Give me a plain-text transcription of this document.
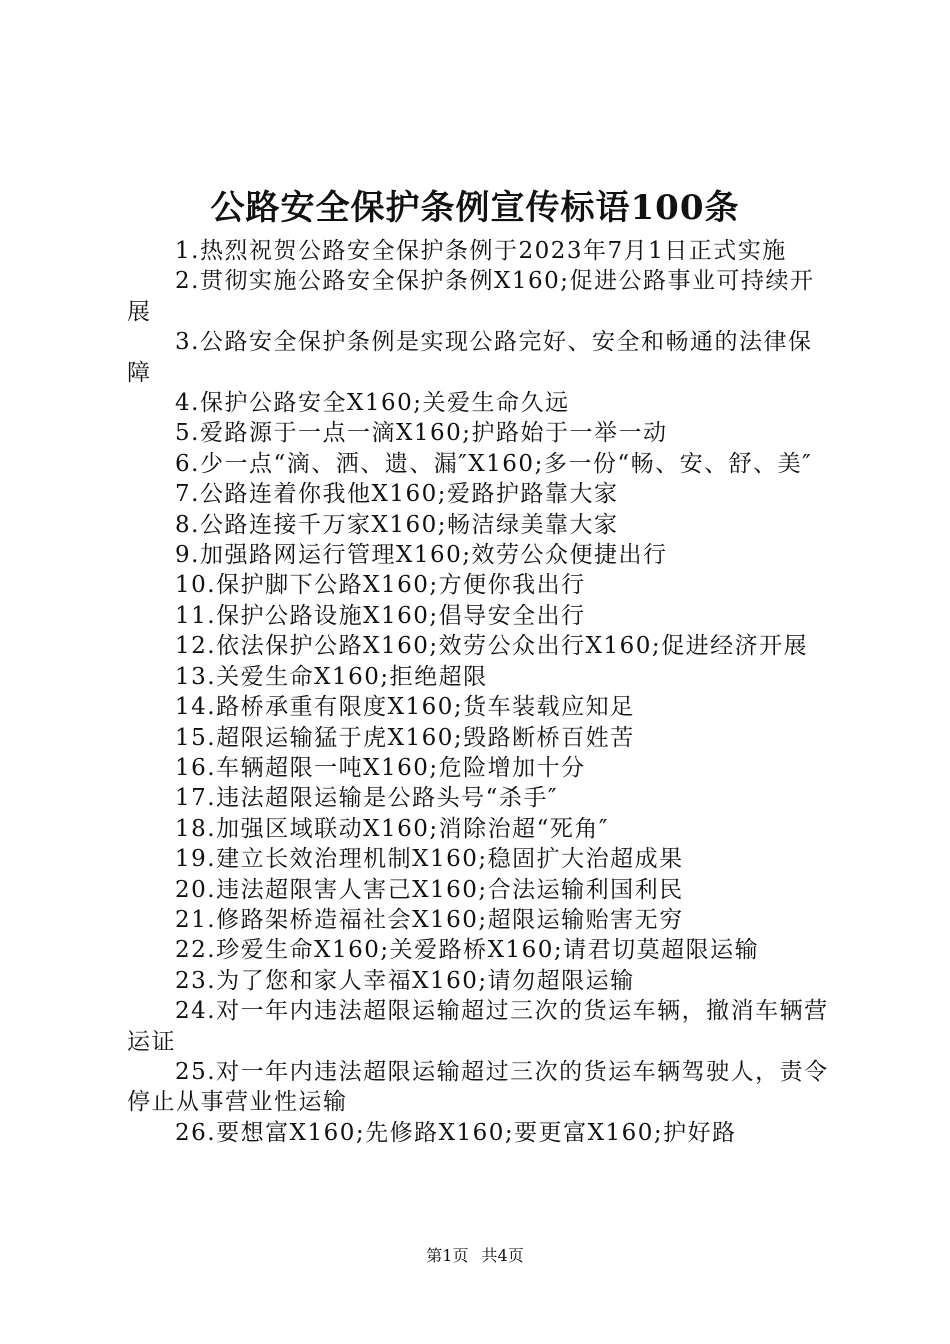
公路安全保护条例宣传标语100条
1.热烈祝贺公路安全保护条例于2023年7月1日正式实施
2.贯彻实施公路安全保护条例X160;促进公路事业可持续开展
3.公路安全保护条例是实现公路完好、安全和畅通的法律保障
4.保护公路安全X160;关爱生命久远
5.爱路源于一点一滴X160;护路始于一举一动
6.少一点“滴、洒、遗、漏″X160;多一份“畅、安、舒、美″
7.公路连着你我他X160;爱路护路靠大家
8.公路连接千万家X160;畅洁绿美靠大家
9.加强路网运行管理X160;效劳公众便捷出行
10.保护脚下公路X160;方便你我出行
11.保护公路设施X160;倡导安全出行
12.依法保护公路X160;效劳公众出行X160;促进经济开展
13.关爱生命X160;拒绝超限
14.路桥承重有限度X160;货车装载应知足
15.超限运输猛于虎X160;毁路断桥百姓苦
16.车辆超限一吨X160;危险增加十分
17.违法超限运输是公路头号“杀手″
18.加强区域联动X160;消除治超“死角″
19.建立长效治理机制X160;稳固扩大治超成果
20.违法超限害人害己X160;合法运输利国利民
21.修路架桥造福社会X160;超限运输贻害无穷
22.珍爱生命X160;关爱路桥X160;请君切莫超限运输
23.为了您和家人幸福X160;请勿超限运输
24.对一年内违法超限运输超过三次的货运车辆，撤消车辆营运证
25.对一年内违法超限运输超过三次的货运车辆驾驶人，责令停止从事营业性运输
26.要想富X160;先修路X160;要更富X160;护好路
第1页 共4页
